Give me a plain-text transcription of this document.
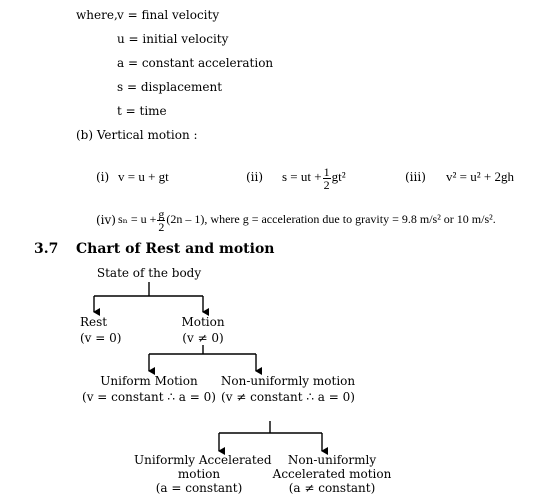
where, v = final velocity
u = initial velocity
a = constant acceleration
s = displacement
t = time
(b) Vertical motion :
(i) v = u + gt	(ii) s = ut + $\frac{1}{2} gt^2$	(iii) v² = u² + 2gh
(iv) $s_n = u + \frac{g}{2} (2n - 1)$, where g = acceleration due to gravity = 9.8 m/s² or 10 m/s².
3.7 Chart of Rest and motion
State of the body
Rest
(v = 0)
Motion
(v ≠ 0)
Uniform Motion
(v = constant ∴ a = 0)
Non-uniformly motion
(v ≠ constant ∴ a = 0)
Uniformly Accelerated
motion
(a = constant)
Non-uniformly
Accelerated motion
(a ≠ constant)
